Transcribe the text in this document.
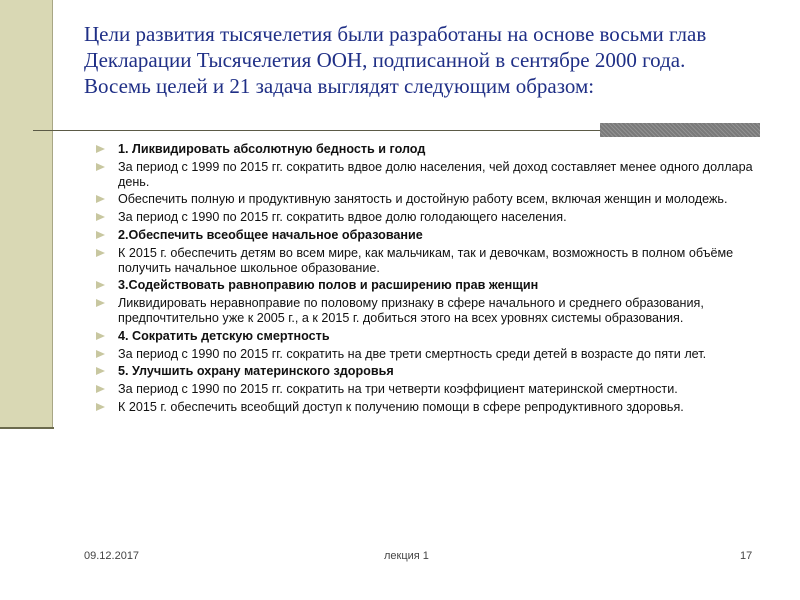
Цели развития тысячелетия были разработаны на основе восьми глав
Декларации Тысячелетия ООН, подписанной в сентябре 2000 года.
Восемь целей и 21 задача выглядят следующим образом:
1. Ликвидировать абсолютную бедность и голод
За период с 1999 по 2015 гг. сократить вдвое долю населения, чей доход составляет менее одного доллара день.
Обеспечить полную и продуктивную занятость и достойную работу всем, включая женщин и молодежь.
За период с 1990 по 2015 гг. сократить вдвое долю голодающего населения.
2.Обеспечить всеобщее начальное образование
К 2015 г. обеспечить детям во всем мире, как мальчикам, так и девочкам, возможность в полном объёме получить начальное школьное образование.
3.Содействовать равноправию полов и расширению прав женщин
Ликвидировать неравноправие по половому признаку в сфере начального и среднего образования, предпочтительно уже к 2005 г., а к 2015 г. добиться этого на всех уровнях системы образования.
4. Сократить детскую смертность
За период с 1990 по 2015 гг. сократить на две трети смертность среди детей в возрасте до пяти лет.
5. Улучшить охрану материнского здоровья
За период с 1990 по 2015 гг. сократить на три четверти коэффициент материнской смертности.
К 2015 г. обеспечить всеобщий доступ к получению помощи в сфере репродуктивного здоровья.
09.12.2017	лекция 1	17
